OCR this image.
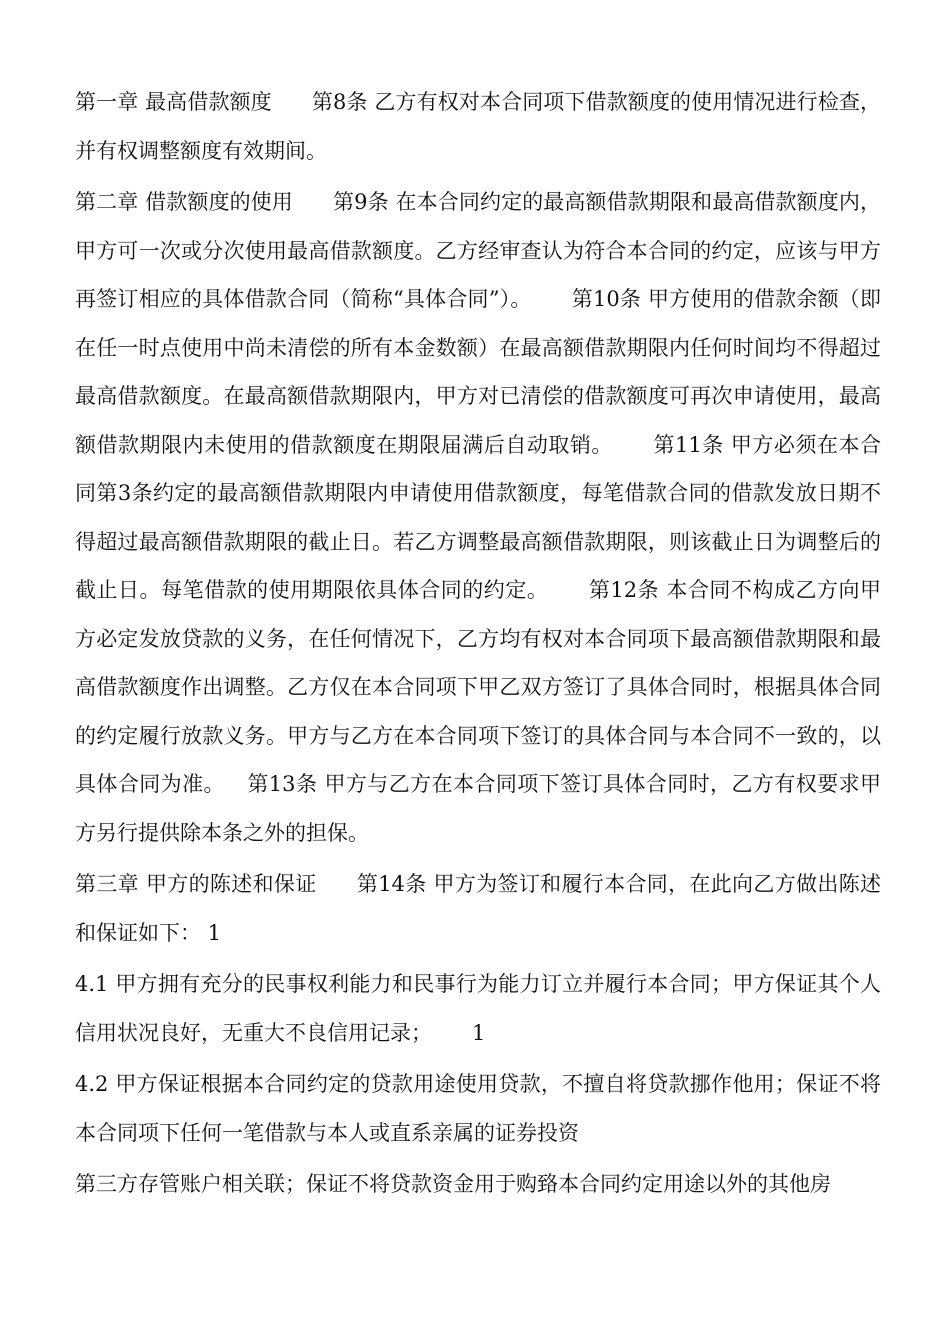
第一章 最高借款额度 第8条 乙方有权对本合同项下借款额度的使用情况进行检查，并有权调整额度有效期间。

第二章 借款额度的使用 第9条 在本合同约定的最高额借款期限和最高借款额度内，甲方可一次或分次使用最高借款额度。乙方经审查认为符合本合同的约定，应该与甲方再签订相应的具体借款合同（简称“具体合同”）。 第10条 甲方使用的借款余额（即在任一时点使用中尚未清偿的所有本金数额）在最高额借款期限内任何时间均不得超过最高借款额度。在最高额借款期限内，甲方对已清偿的借款额度可再次申请使用，最高额借款期限内未使用的借款额度在期限届满后自动取销。 第11条 甲方必须在本合同第3条约定的最高额借款期限内申请使用借款额度，每笔借款合同的借款发放日期不得超过最高额借款期限的截止日。若乙方调整最高额借款期限，则该截止日为调整后的截止日。每笔借款的使用期限依具体合同的约定。 第12条 本合同不构成乙方向甲方必定发放贷款的义务，在任何情况下，乙方均有权对本合同项下最高额借款期限和最高借款额度作出调整。乙方仅在本合同项下甲乙双方签订了具体合同时，根据具体合同的约定履行放款义务。甲方与乙方在本合同项下签订的具体合同与本合同不一致的，以具体合同为准。 第13条 甲方与乙方在本合同项下签订具体合同时，乙方有权要求甲方另行提供除本条之外的担保。

第三章 甲方的陈述和保证 第14条 甲方为签订和履行本合同，在此向乙方做出陈述和保证如下： 1

4.1 甲方拥有充分的民事权利能力和民事行为能力订立并履行本合同；甲方保证其个人信用状况良好，无重大不良信用记录； 1

4.2 甲方保证根据本合同约定的贷款用途使用贷款，不擅自将贷款挪作他用；保证不将本合同项下任何一笔借款与本人或直系亲属的证券投资

第三方存管账户相关联；保证不将贷款资金用于购臵本合同约定用途以外的其他房
